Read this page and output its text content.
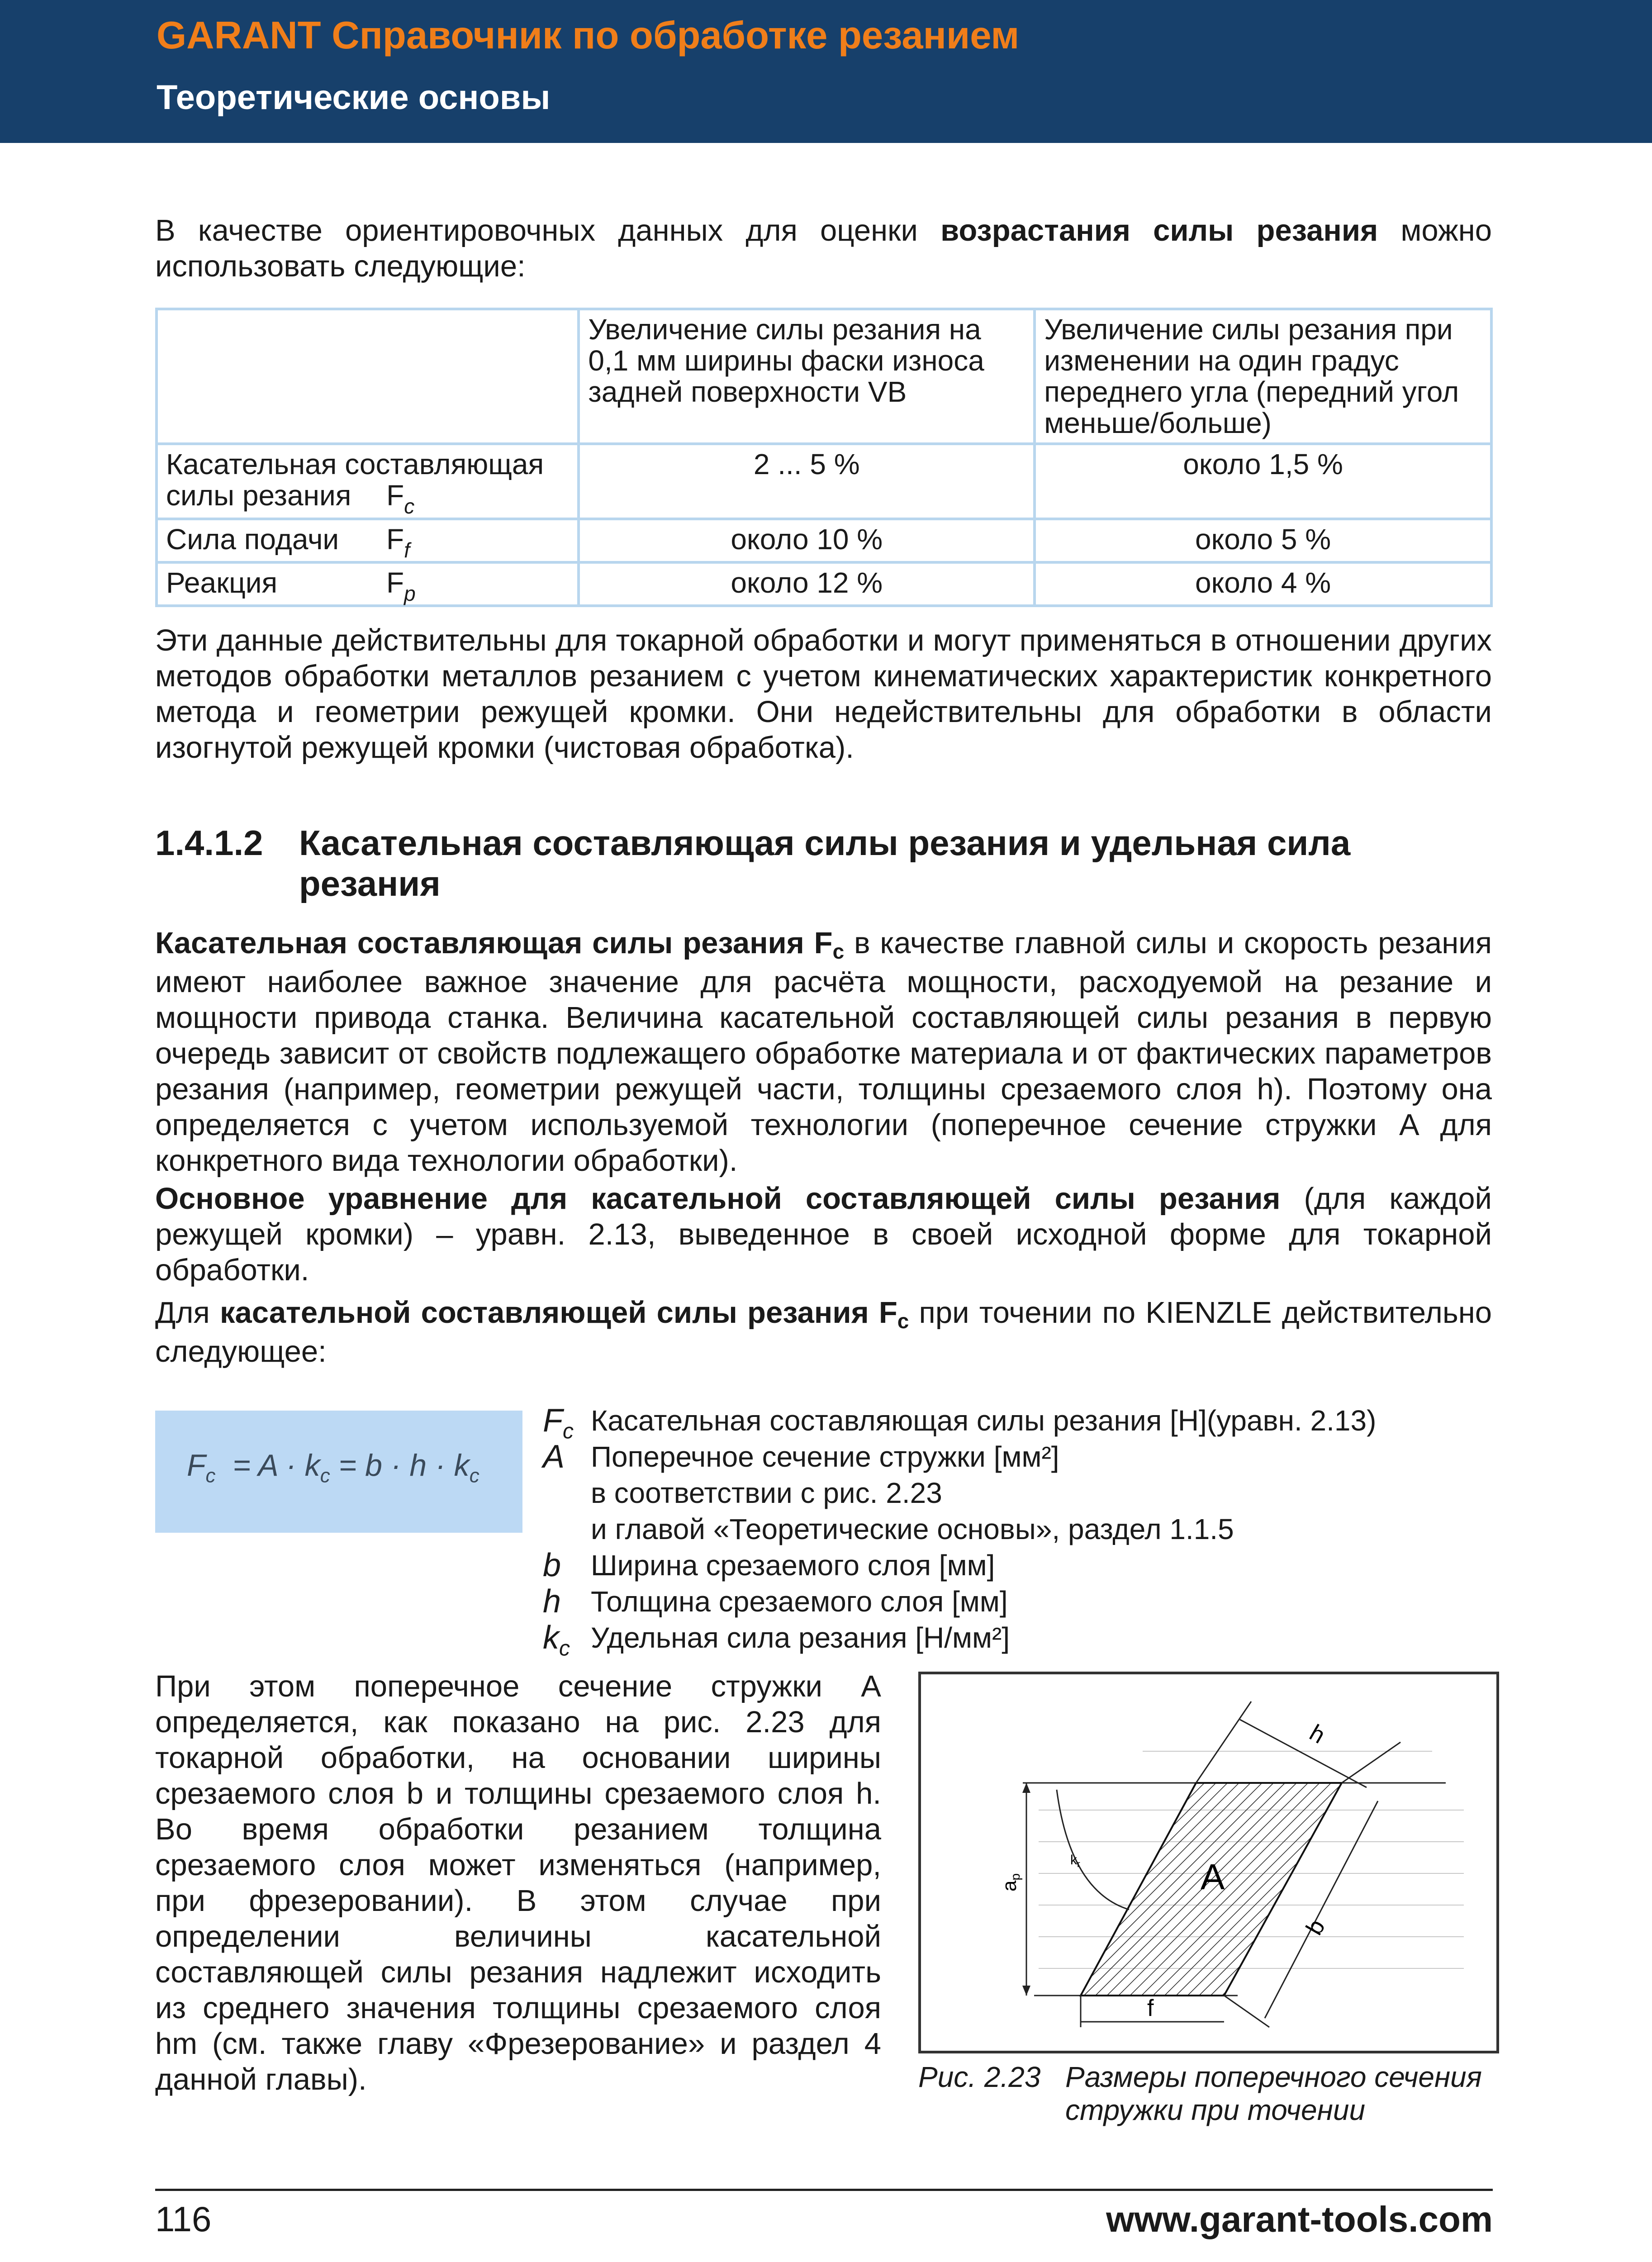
GARANT Справочник по обработке резанием
Теоретические основы
В качестве ориентировочных данных для оценки возрастания силы резания можно использовать следующие:
	Увеличение силы резания на 0,1 мм ширины фаски износа задней поверхности VB	Увеличение силы резания при изменении на один градус переднего угла (передний угол меньше/больше)
Касательная составляющая силы резания $F_c$	2 ... 5 %	около 1,5 %
Сила подачи $F_f$	около 10 %	около 5 %
Реакция $F_p$	около 12 %	около 4 %
Эти данные действительны для токарной обработки и могут применяться в отношении других методов обработки металлов резанием с учетом кинематических характеристик конкретного метода и геометрии режущей кромки. Они недействительны для обработки в области изогнутой режущей кромки (чистовая обработка).
1.4.1.2 Касательная составляющая силы резания и удельная сила резания
Касательная составляющая силы резания Fc в качестве главной силы и скорость резания имеют наиболее важное значение для расчёта мощности, расходуемой на резание и мощности привода станка. Величина касательной составляющей силы резания в первую очередь зависит от свойств подлежащего обработке материала и от фактических параметров резания (например, геометрии режущей части, толщины срезаемого слоя h). Поэтому она определяется с учетом используемой технологии (поперечное сечение стружки A для конкретного вида технологии обработки).
Основное уравнение для касательной составляющей силы резания (для каждой режущей кромки) – уравн. 2.13, выведенное в своей исходной форме для токарной обработки.
Для касательной составляющей силы резания Fc при точении по KIENZLE действительно следующее:
$F_c = A \cdot k_c = b \cdot h \cdot k_c$
$F_c$ Касательная составляющая силы резания [Н](уравн. 2.13)
A Поперечное сечение стружки [мм²]
в соответствии с рис. 2.23
и главой «Теоретические основы», раздел 1.1.5
b Ширина срезаемого слоя [мм]
h Толщина срезаемого слоя [мм]
$k_c$ Удельная сила резания [Н/мм²]
При этом поперечное сечение стружки A определяется, как показано на рис. 2.23 для токарной обработки, на основании ширины срезаемого слоя b и толщины срезаемого слоя h. Во время обработки резанием толщина срезаемого слоя может изменяться (например, при фрезеровании). В этом случае при определении величины касательной составляющей силы резания надлежит исходить из среднего значения толщины срезаемого слоя hm (см. также главу «Фрезерование» и раздел 4 данной главы).
ap
$k_r$	A
h
b
f
Рис. 2.23 Размеры поперечного сечения стружки при точении
116	www.garant-tools.com
